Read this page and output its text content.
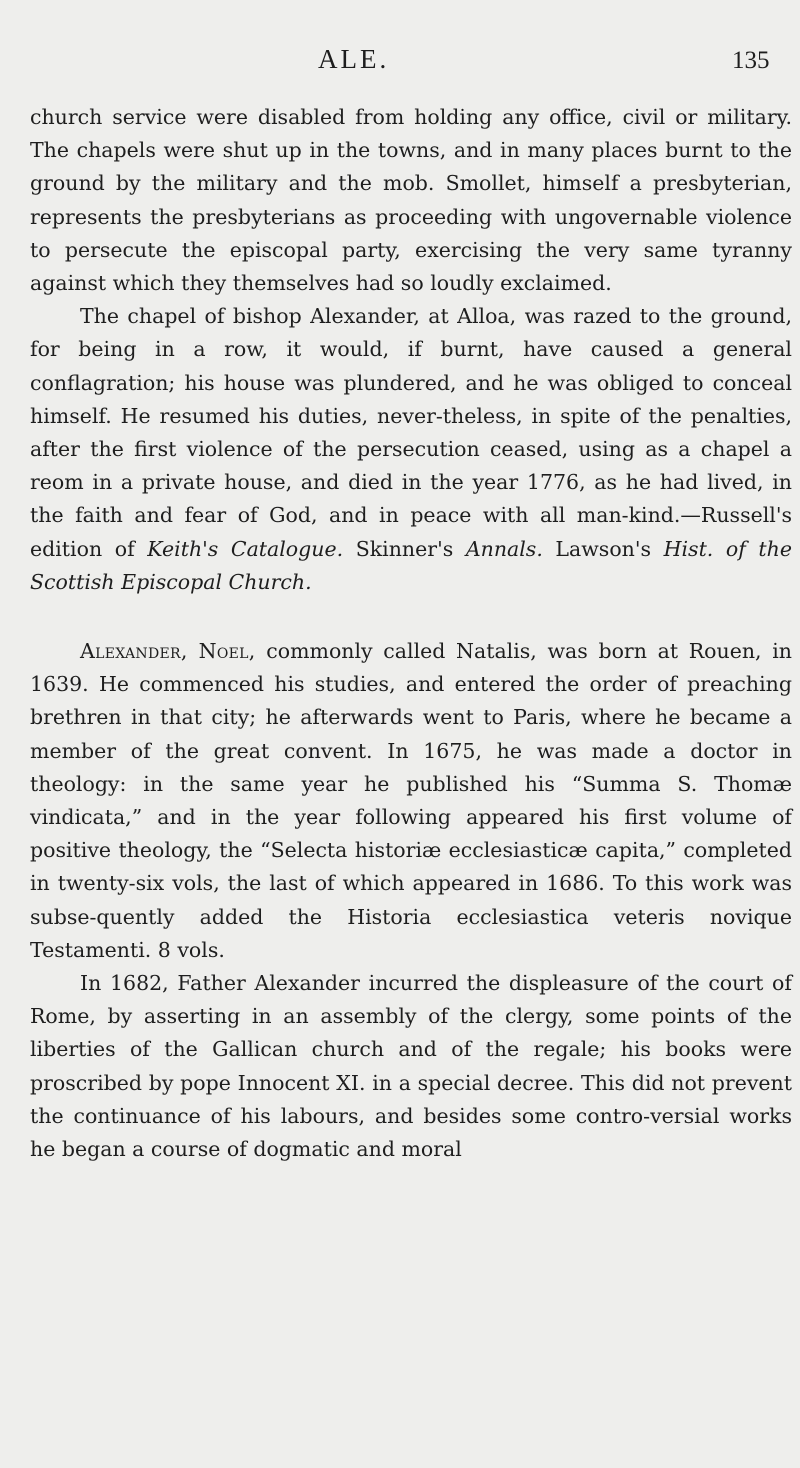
ALE.	135

church service were disabled from holding any office, civil or military. The chapels were shut up in the towns, and in many places burnt to the ground by the military and the mob. Smollet, himself a presbyterian, represents the presbyterians as proceeding with ungovernable violence to persecute the episcopal party, exercising the very same tyranny against which they themselves had so loudly exclaimed.

The chapel of bishop Alexander, at Alloa, was razed to the ground, for being in a row, it would, if burnt, have caused a general conflagration; his house was plundered, and he was obliged to conceal himself. He resumed his duties, never-theless, in spite of the penalties, after the first violence of the persecution ceased, using as a chapel a reom in a private house, and died in the year 1776, as he had lived, in the faith and fear of God, and in peace with all man-kind.—Russell's edition of Keith's Catalogue. Skinner's Annals. Lawson's Hist. of the Scottish Episcopal Church.

Alexander, Noel, commonly called Natalis, was born at Rouen, in 1639. He commenced his studies, and entered the order of preaching brethren in that city; he afterwards went to Paris, where he became a member of the great convent. In 1675, he was made a doctor in theology: in the same year he published his “Summa S. Thomæ vindicata,” and in the year following appeared his first volume of positive theology, the “Selecta historiæ ecclesiasticæ capita,” completed in twenty-six vols, the last of which appeared in 1686. To this work was subse-quently added the Historia ecclesiastica veteris novique Testamenti. 8 vols.

In 1682, Father Alexander incurred the displeasure of the court of Rome, by asserting in an assembly of the clergy, some points of the liberties of the Gallican church and of the regale; his books were proscribed by pope Innocent XI. in a special decree. This did not prevent the continuance of his labours, and besides some contro-versial works he began a course of dogmatic and moral
